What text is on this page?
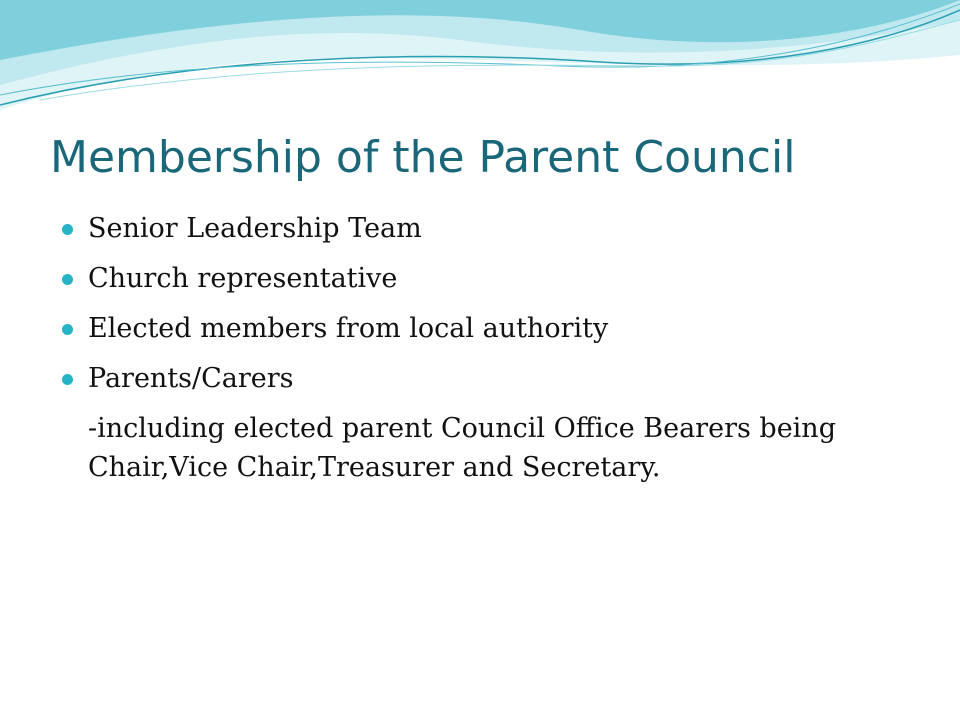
Membership of the Parent Council
Senior Leadership Team
Church representative
Elected members from local authority
Parents/Carers
-including elected parent Council Office Bearers being Chair,Vice Chair,Treasurer and Secretary.
